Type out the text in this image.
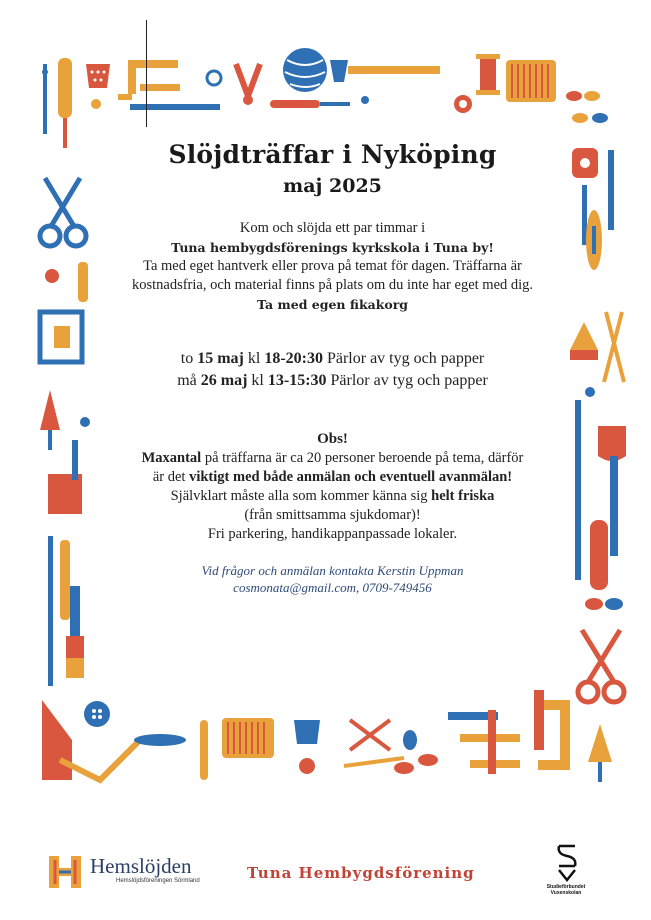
Slöjdträffar i Nyköping
maj 2025
Kom och slöjda ett par timmar i
Tuna hembygdsförenings kyrkskola i Tuna by!
Ta med eget hantverk eller prova på temat för dagen. Träffarna är
kostnadsfria, och material finns på plats om du inte har eget med dig.
Ta med egen fikakorg
to 15 maj kl 18-20:30 Pärlor av tyg och papper
må 26 maj kl 13-15:30 Pärlor av tyg och papper
Obs!
Maxantal på träffarna är ca 20 personer beroende på tema, därför
är det viktigt med både anmälan och eventuell avanmälan!
Självklart måste alla som kommer känna sig helt friska
(från smittsamma sjukdomar)!
Fri parkering, handikappanpassade lokaler.
Vid frågor och anmälan kontakta Kerstin Uppman
cosmonata@gmail.com, 0709-749456
Hemslöjden
Hemslöjdsföreningen Sörmland	Tuna Hembygdsförening
Studieförbundet
Vuxenskolan
